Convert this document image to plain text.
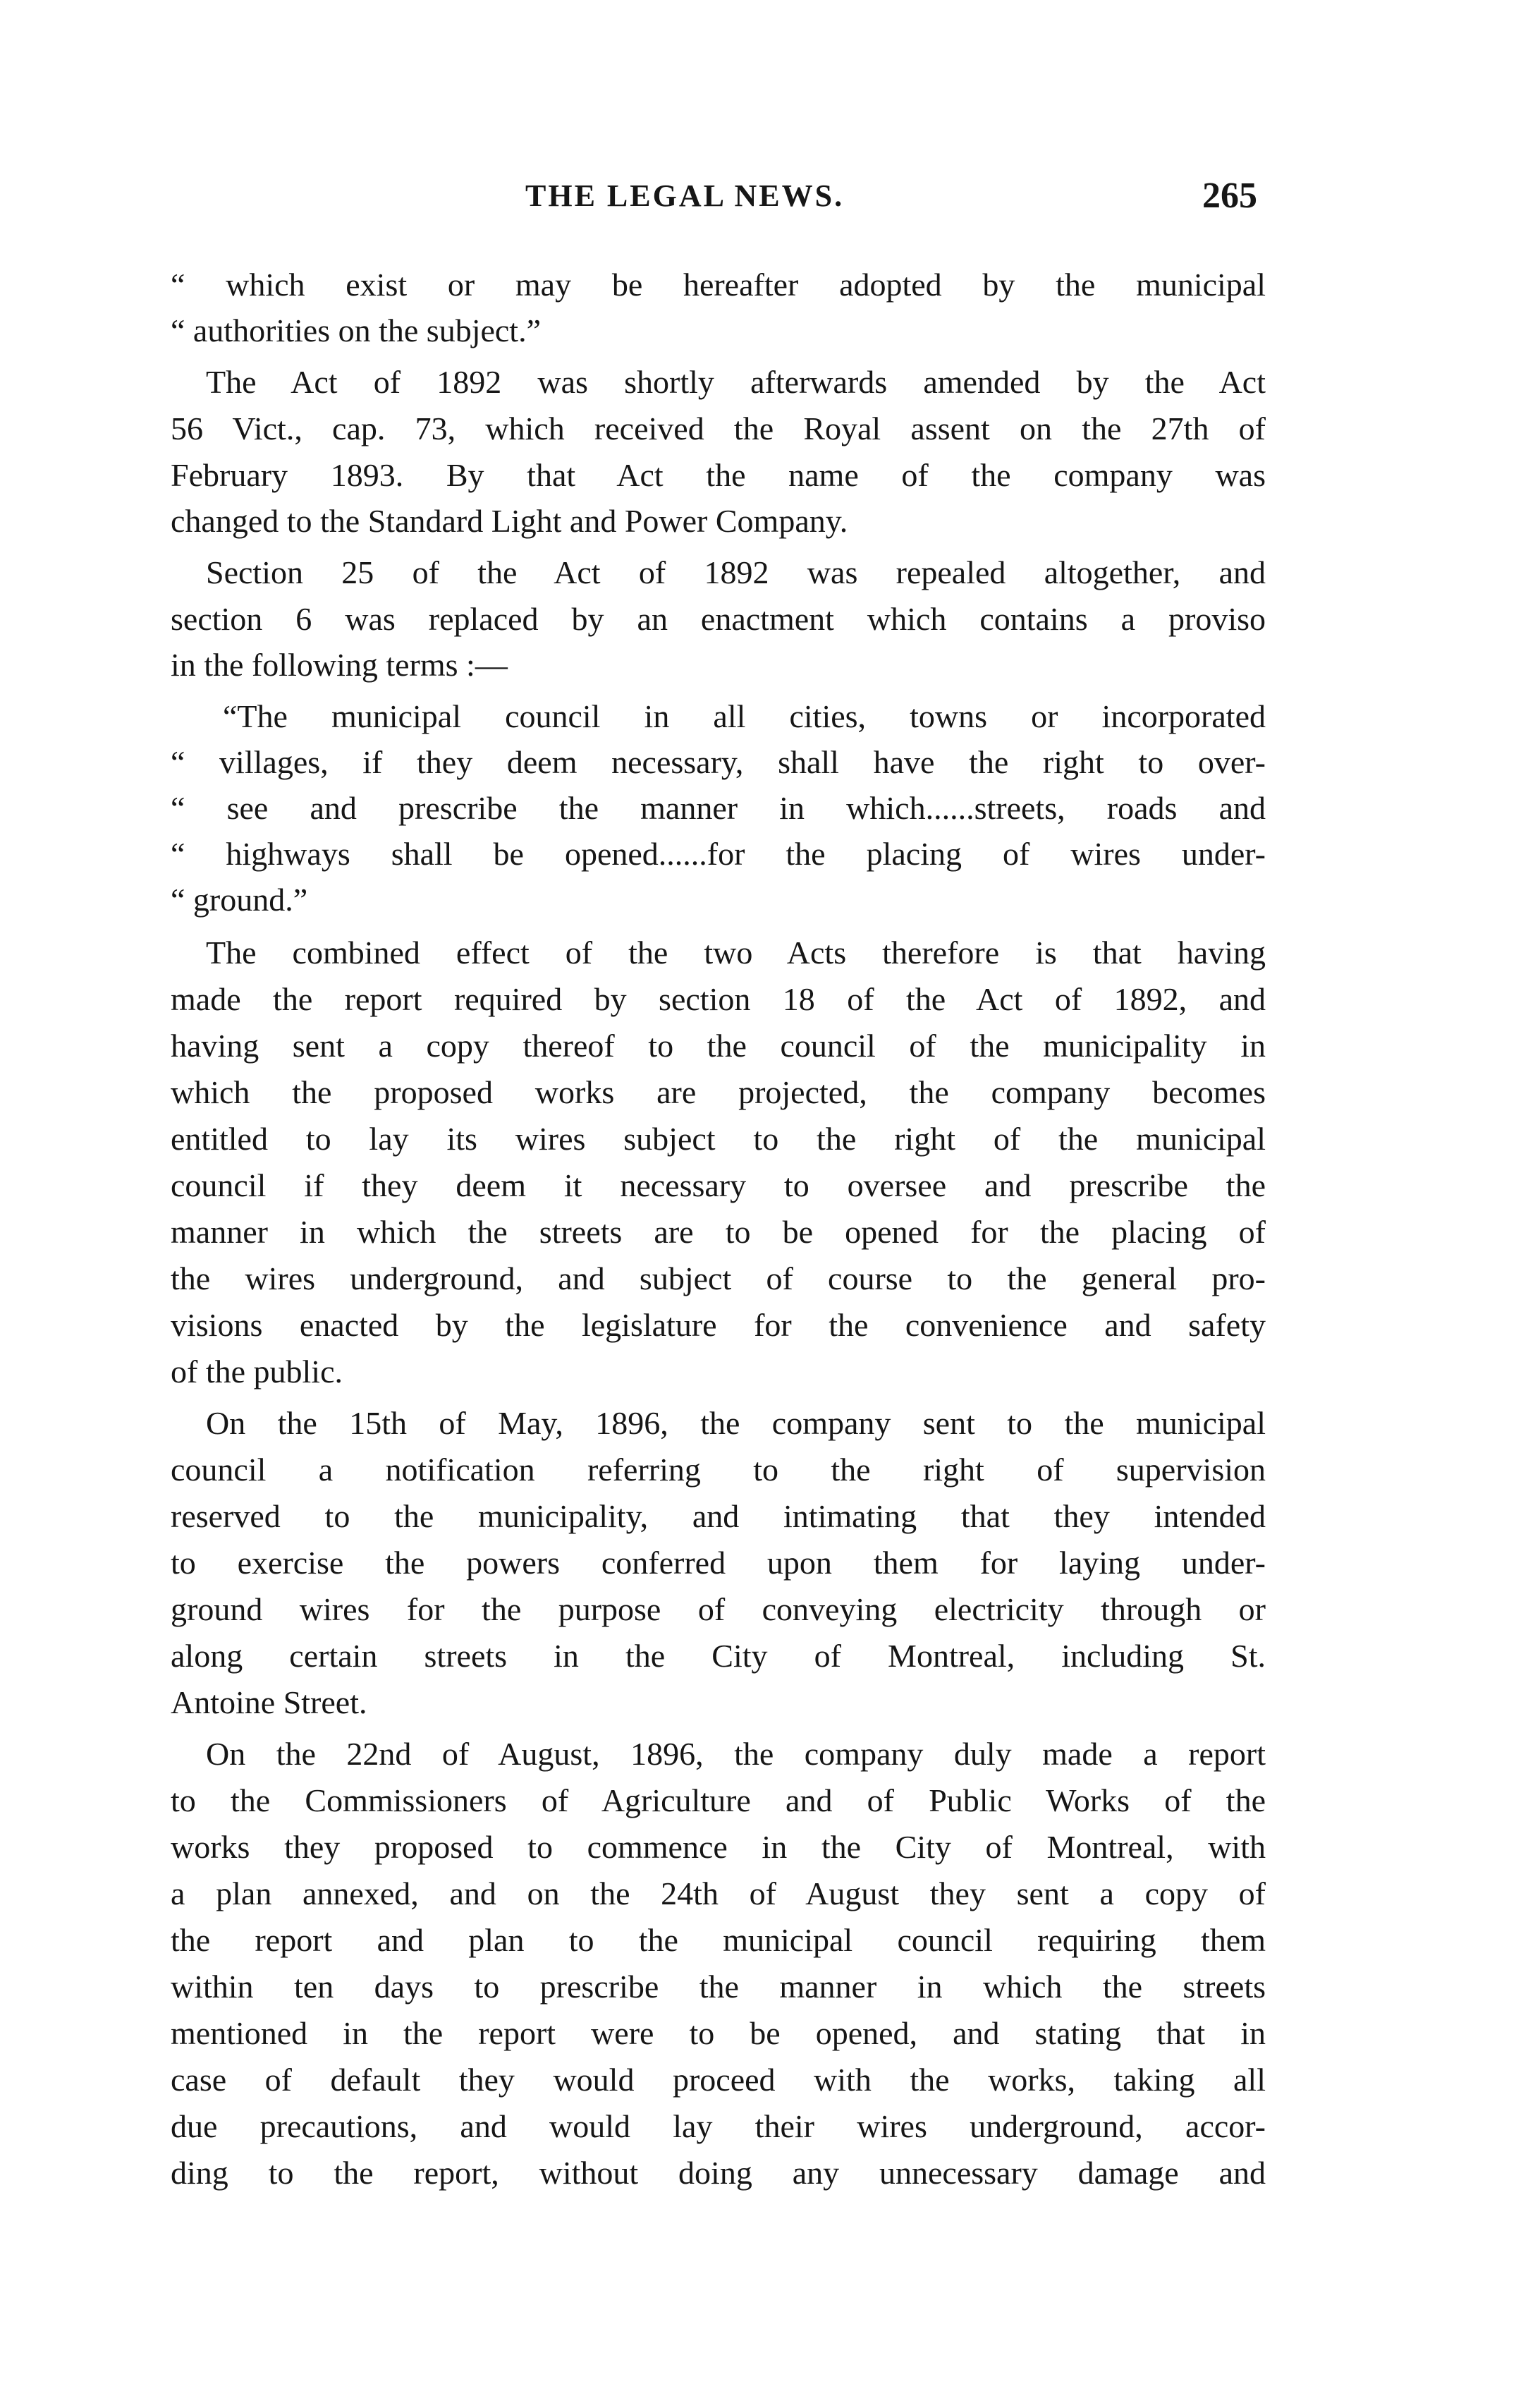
THE LEGAL NEWS.	265
“ which exist or may be hereafter adopted by the municipal
“ authorities on the subject.”
The Act of 1892 was shortly afterwards amended by the Act
56 Vict., cap. 73, which received the Royal assent on the 27th of
February 1893. By that Act the name of the company was
changed to the Standard Light and Power Company.
Section 25 of the Act of 1892 was repealed altogether, and
section 6 was replaced by an enactment which contains a proviso
in the following terms :—
“The municipal council in all cities, towns or incorporated
“ villages, if they deem necessary, shall have the right to over-
“ see and prescribe the manner in which......streets, roads and
“ highways shall be opened......for the placing of wires under-
“ ground.”
The combined effect of the two Acts therefore is that having
made the report required by section 18 of the Act of 1892, and
having sent a copy thereof to the council of the municipality in
which the proposed works are projected, the company becomes
entitled to lay its wires subject to the right of the municipal
council if they deem it necessary to oversee and prescribe the
manner in which the streets are to be opened for the placing of
the wires underground, and subject of course to the general pro-
visions enacted by the legislature for the convenience and safety
of the public.
On the 15th of May, 1896, the company sent to the municipal
council a notification referring to the right of supervision
reserved to the municipality, and intimating that they intended
to exercise the powers conferred upon them for laying under-
ground wires for the purpose of conveying electricity through or
along certain streets in the City of Montreal, including St.
Antoine Street.
On the 22nd of August, 1896, the company duly made a report
to the Commissioners of Agriculture and of Public Works of the
works they proposed to commence in the City of Montreal, with
a plan annexed, and on the 24th of August they sent a copy of
the report and plan to the municipal council requiring them
within ten days to prescribe the manner in which the streets
mentioned in the report were to be opened, and stating that in
case of default they would proceed with the works, taking all
due precautions, and would lay their wires underground, accor-
ding to the report, without doing any unnecessary damage and
